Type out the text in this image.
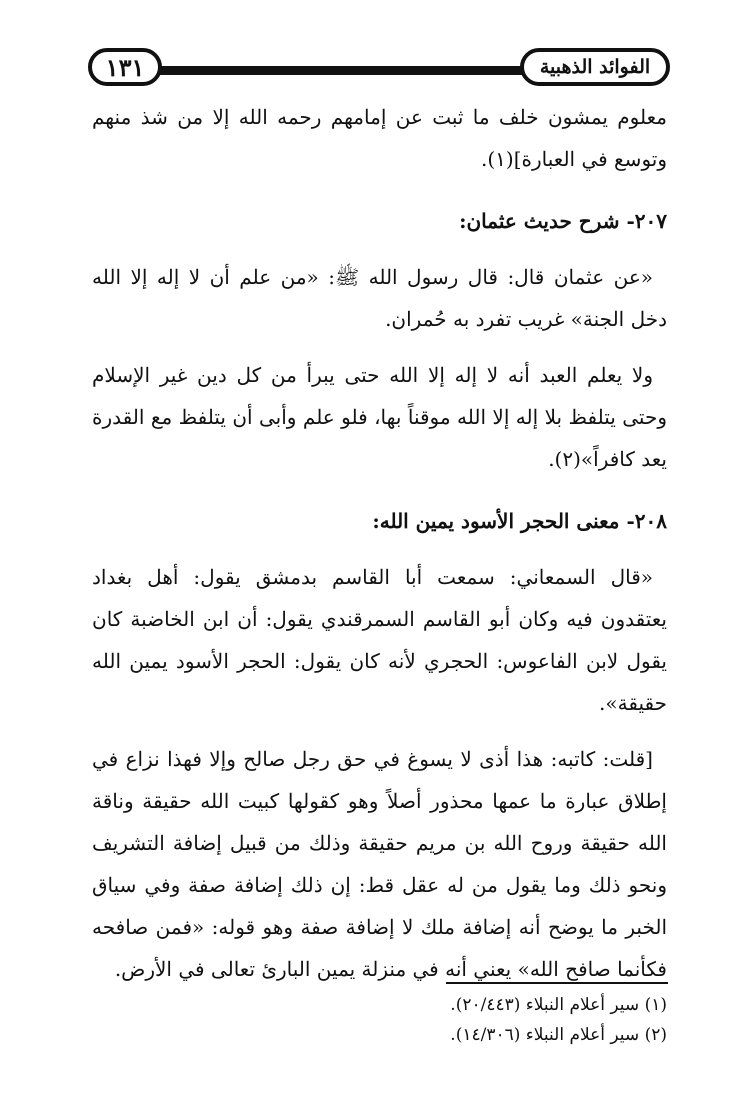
١٣١	الفوائد الذهبية

معلوم يمشون خلف ما ثبت عن إمامهم رحمه الله إلا من شذ منهم وتوسع في العبارة](١).

٢٠٧- شرح حديث عثمان:

«عن عثمان قال: قال رسول الله ﷺ: «من علم أن لا إله إلا الله دخل الجنة» غريب تفرد به حُمران.

ولا يعلم العبد أنه لا إله إلا الله حتى يبرأ من كل دين غير الإسلام وحتى يتلفظ بلا إله إلا الله موقناً بها، فلو علم وأبى أن يتلفظ مع القدرة يعد كافراً»(٢).

٢٠٨- معنى الحجر الأسود يمين الله:

«قال السمعاني: سمعت أبا القاسم بدمشق يقول: أهل بغداد يعتقدون فيه وكان أبو القاسم السمرقندي يقول: أن ابن الخاضبة كان يقول لابن الفاعوس: الحجري لأنه كان يقول: الحجر الأسود يمين الله حقيقة».

[قلت: كاتبه: هذا أذى لا يسوغ في حق رجل صالح وإلا فهذا نزاع في إطلاق عبارة ما عمها محذور أصلاً وهو كقولها كبيت الله حقيقة وناقة الله حقيقة وروح الله بن مريم حقيقة وذلك من قبيل إضافة التشريف ونحو ذلك وما يقول من له عقل قط: إن ذلك إضافة صفة وفي سياق الخبر ما يوضح أنه إضافة ملك لا إضافة صفة وهو قوله: «فمن صافحه فكأنما صافح الله» يعني أنه في منزلة يمين البارئ تعالى في الأرض.

(١) سير أعلام النبلاء (٢٠/٤٤٣).

(٢) سير أعلام النبلاء (١٤/٣٠٦).
